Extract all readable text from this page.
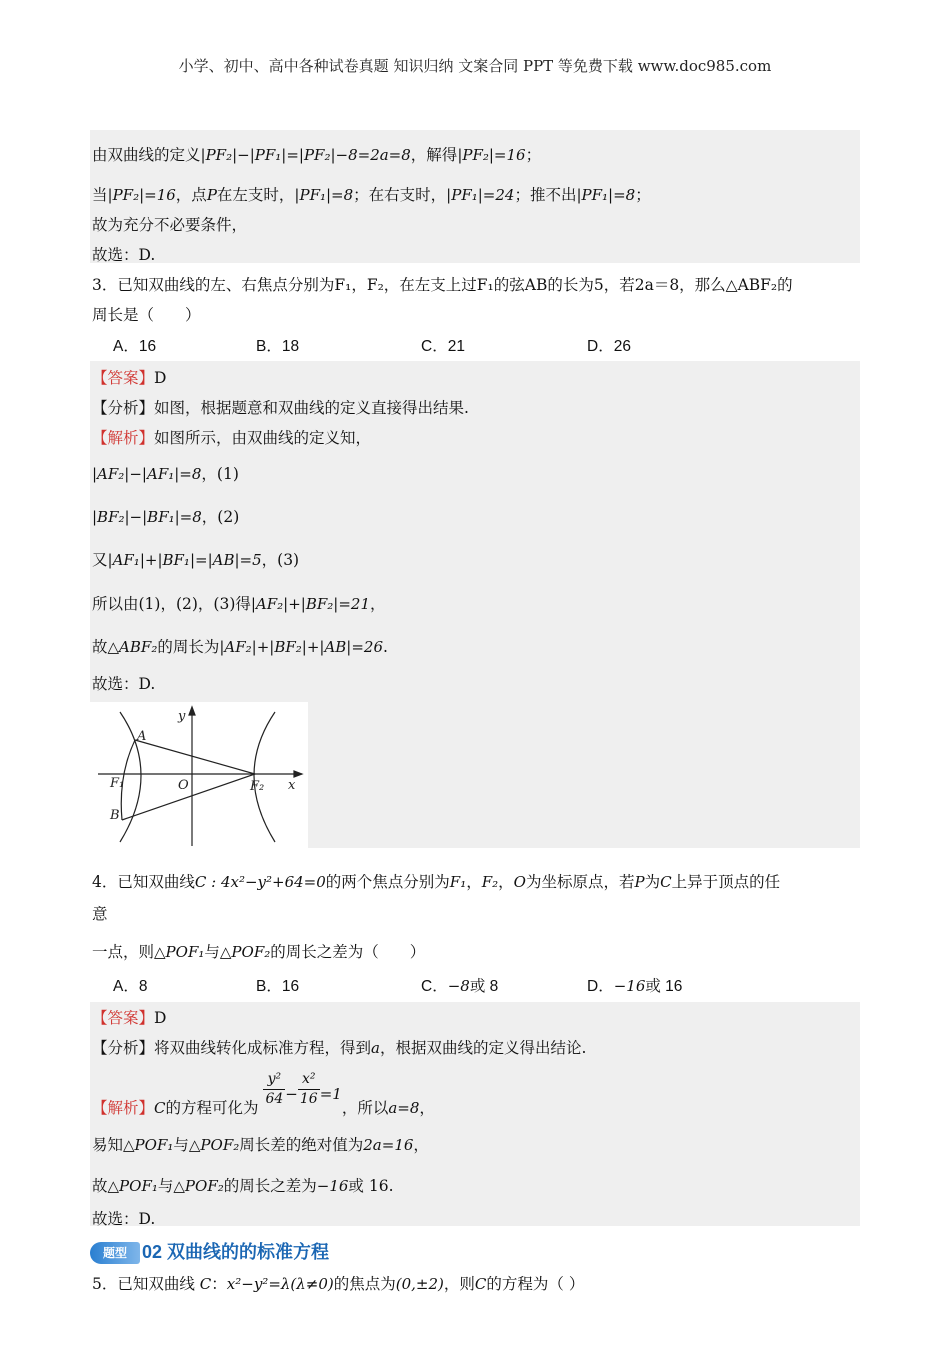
小学、初中、高中各种试卷真题 知识归纳 文案合同 PPT 等免费下载 www.doc985.com
由双曲线的定义|PF₂|−|PF₁|=|PF₂|−8=2a=8，解得|PF₂|=16；
当|PF₂|=16，点P在左支时，|PF₁|=8；在右支时，|PF₁|=24；推不出|PF₁|=8；
故为充分不必要条件，
故选：D.
3．已知双曲线的左、右焦点分别为F₁，F₂，在左支上过F₁的弦AB的长为5，若2a＝8，那么△ABF₂的
周长是（　　）
A．16	B．18	C．21	D．26
【答案】D
【分析】如图，根据题意和双曲线的定义直接得出结果.
【解析】如图所示，由双曲线的定义知，
|AF₂|−|AF₁|=8，(1)
|BF₂|−|BF₁|=8，(2)
又|AF₁|+|BF₁|=|AB|=5，(3)
所以由(1)，(2)，(3)得|AF₂|+|BF₂|=21，
故△ABF₂的周长为|AF₂|+|BF₂|+|AB|=26.
故选：D.
A
B
F₁	F₂
O	x
y
4．已知双曲线C : 4x²−y²+64=0的两个焦点分别为F₁，F₂，O为坐标原点，若P为C上异于顶点的任
意
一点，则△POF₁与△POF₂的周长之差为（　　）
A．8	B．16	C．−8或 8	D．−16或 16
【答案】D
【分析】将双曲线转化成标准方程，得到a，根据双曲线的定义得出结论.
【解析】C的方程可化为 $\frac{\text{y²}}{64}-\frac{\text{x²}}{16}=1$，所以a=8，
易知△POF₁与△POF₂周长差的绝对值为2a=16，
故△POF₁与△POF₂的周长之差为−16或 16.
故选：D.
题型 02 双曲线的的标准方程
5．已知双曲线 C：x²−y²=λ(λ≠0)的焦点为(0,±2)，则C的方程为（ ）
